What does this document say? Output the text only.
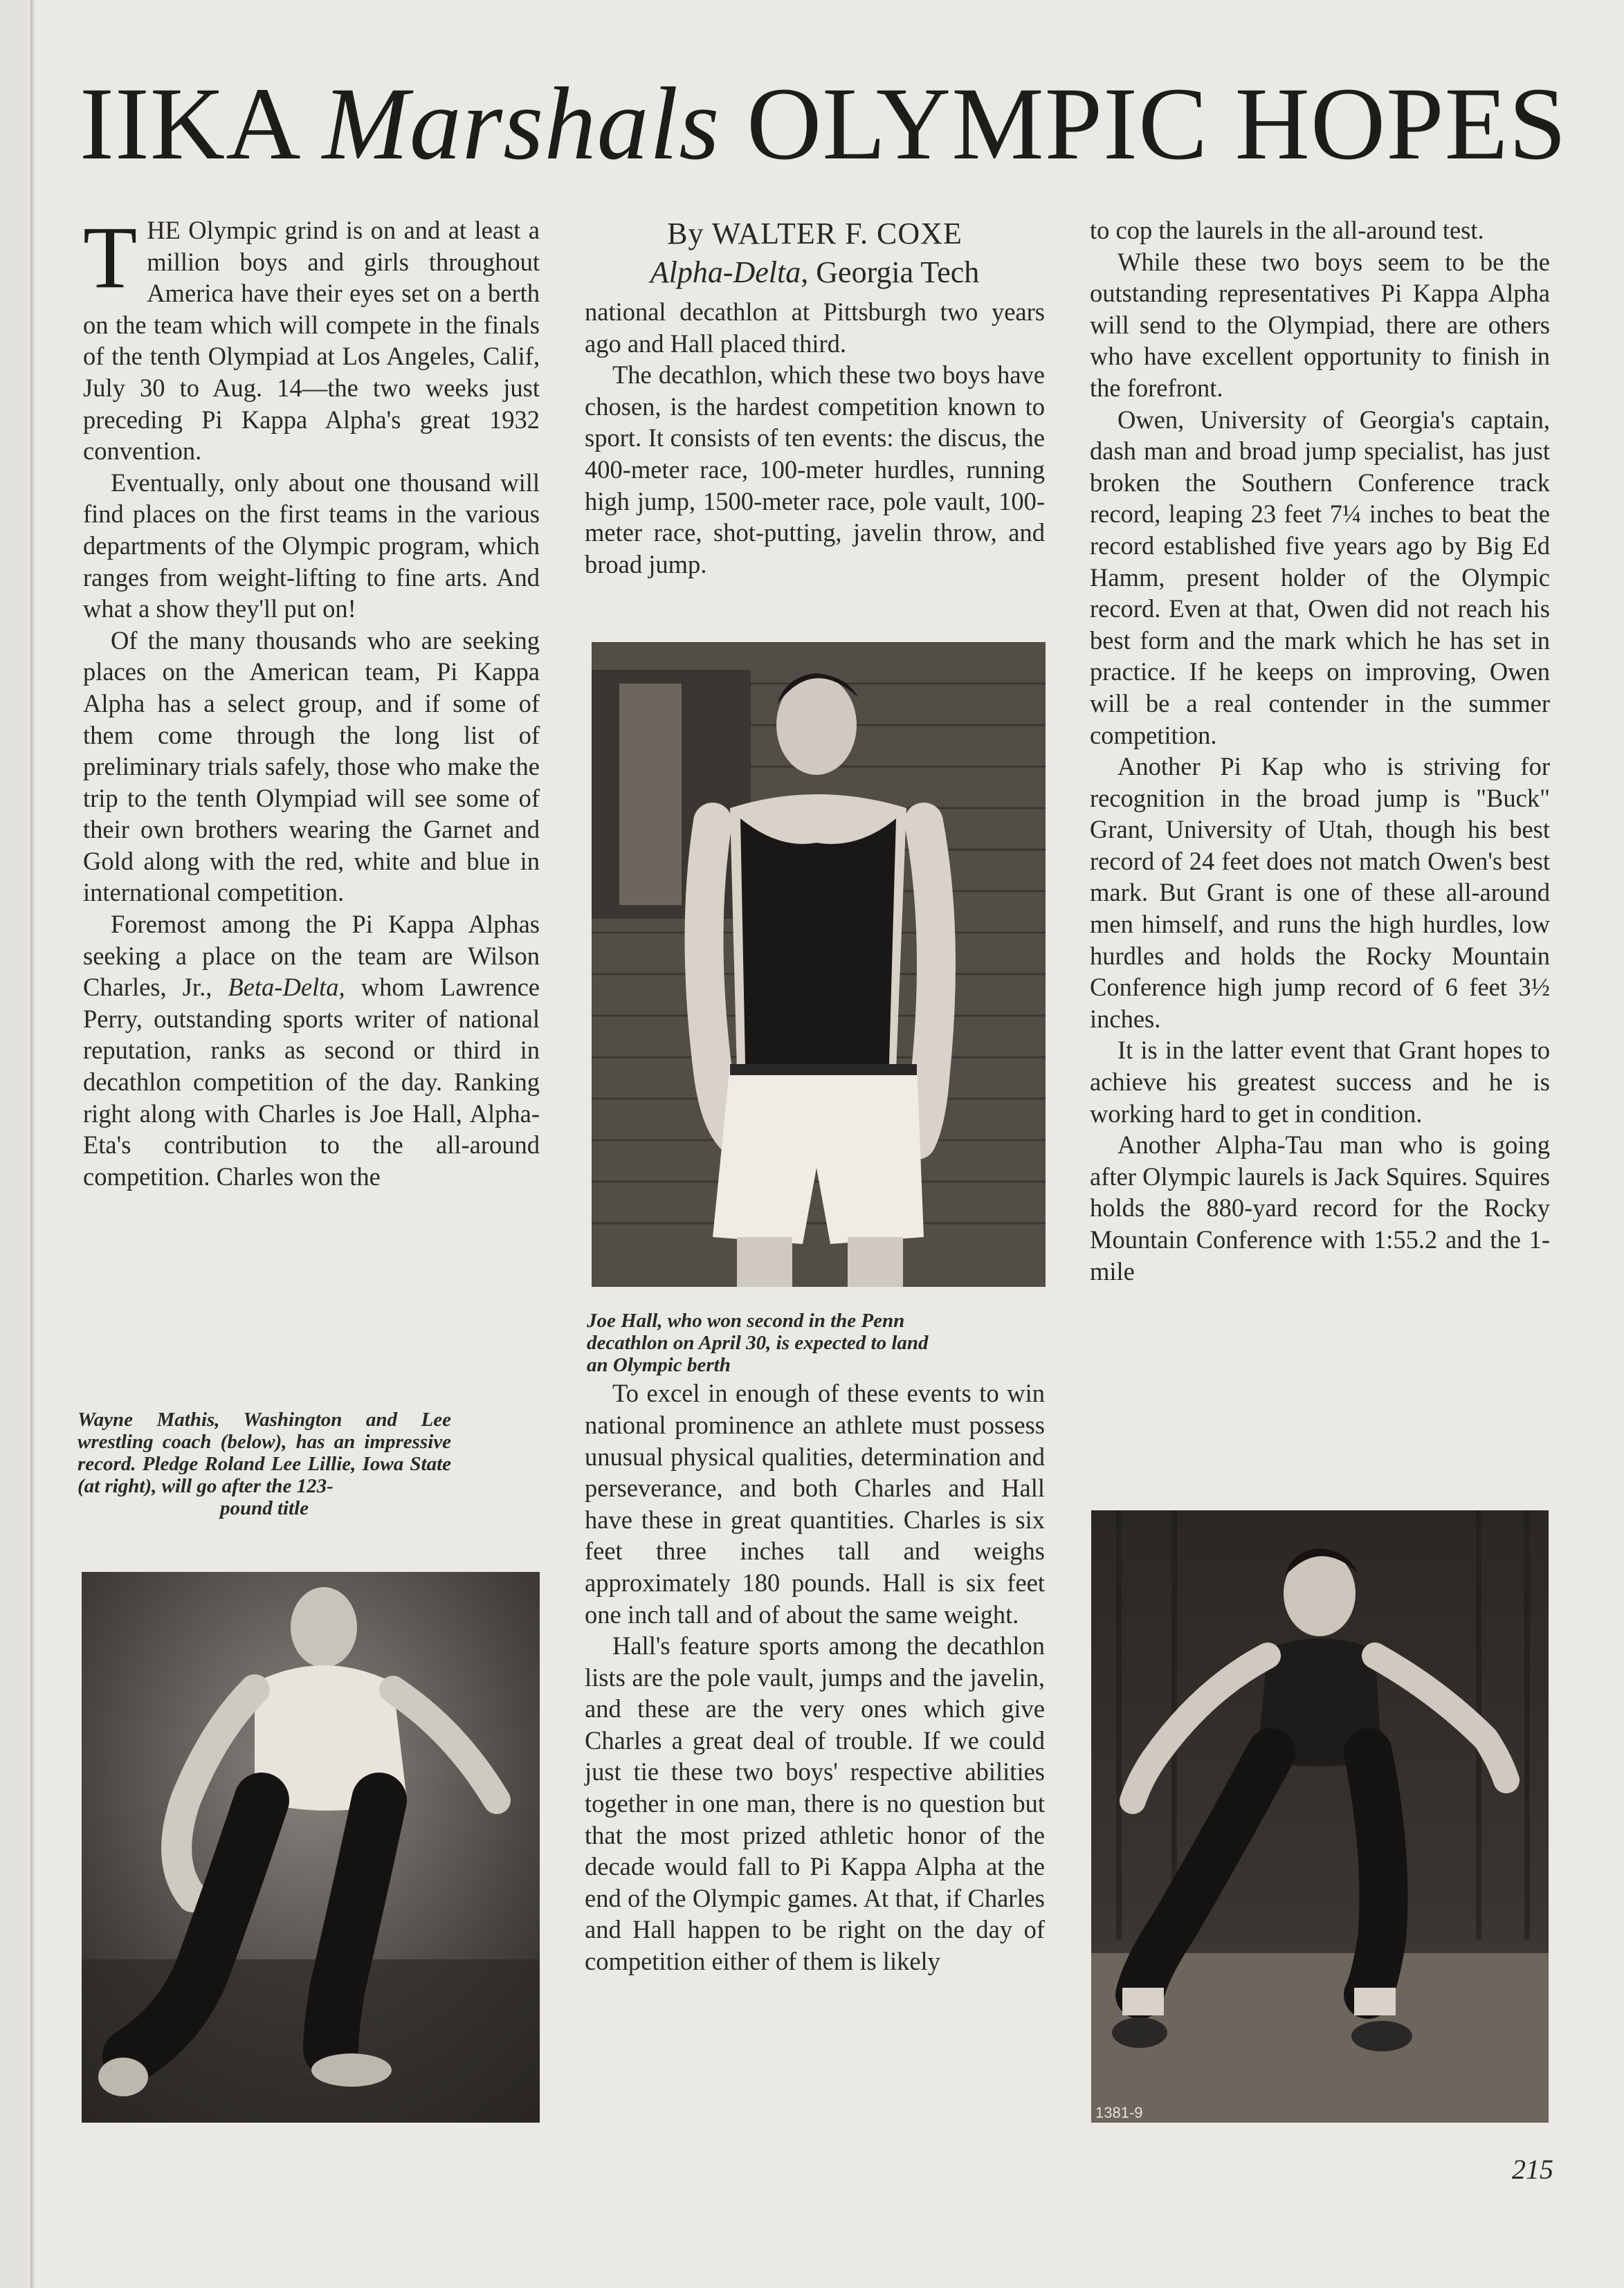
IIKA Marshals OLYMPIC HOPES

THE Olympic grind is on and at least a million boys and girls throughout America have their eyes set on a berth on the team which will compete in the finals of the tenth Olympiad at Los Angeles, Calif, July 30 to Aug. 14—the two weeks just preceding Pi Kappa Alpha's great 1932 convention.

Eventually, only about one thousand will find places on the first teams in the various departments of the Olympic program, which ranges from weight-lifting to fine arts. And what a show they'll put on!

Of the many thousands who are seeking places on the American team, Pi Kappa Alpha has a select group, and if some of them come through the long list of preliminary trials safely, those who make the trip to the tenth Olympiad will see some of their own brothers wearing the Garnet and Gold along with the red, white and blue in international competition.

Foremost among the Pi Kappa Alphas seeking a place on the team are Wilson Charles, Jr., Beta-Delta, whom Lawrence Perry, outstanding sports writer of national reputation, ranks as second or third in decathlon competition of the day. Ranking right along with Charles is Joe Hall, Alpha-Eta's contribution to the all-around competition. Charles won the

Wayne Mathis, Washington and Lee wrestling coach (below), has an impressive record. Pledge Roland Lee Lillie, Iowa State (at right), will go after the 123-
pound title
By WALTER F. COXE
Alpha-Delta, Georgia Tech

national decathlon at Pittsburgh two years ago and Hall placed third.

The decathlon, which these two boys have chosen, is the hardest competition known to sport. It consists of ten events: the discus, the 400-meter race, 100-meter hurdles, running high jump, 1500-meter race, pole vault, 100-meter race, shot-putting, javelin throw, and broad jump.

To excel in enough of these events to win national prominence an athlete must possess unusual physical qualities, determination and perseverance, and both Charles and Hall have these in great quantities. Charles is six feet three inches tall and weighs approximately 180 pounds. Hall is six feet one inch tall and of about the same weight.

Hall's feature sports among the decathlon lists are the pole vault, jumps and the javelin, and these are the very ones which give Charles a great deal of trouble. If we could just tie these two boys' respective abilities together in one man, there is no question but that the most prized athletic honor of the decade would fall to Pi Kappa Alpha at the end of the Olympic games. At that, if Charles and Hall happen to be right on the day of competition either of them is likely

Joe Hall, who won second in the Penn decathlon on April 30, is expected to land an Olympic berth

to cop the laurels in the all-around test.

While these two boys seem to be the outstanding representatives Pi Kappa Alpha will send to the Olympiad, there are others who have excellent opportunity to finish in the forefront.

Owen, University of Georgia's captain, dash man and broad jump specialist, has just broken the Southern Conference track record, leaping 23 feet 7¼ inches to beat the record established five years ago by Big Ed Hamm, present holder of the Olympic record. Even at that, Owen did not reach his best form and the mark which he has set in practice. If he keeps on improving, Owen will be a real contender in the summer competition.

Another Pi Kap who is striving for recognition in the broad jump is "Buck" Grant, University of Utah, though his best record of 24 feet does not match Owen's best mark. But Grant is one of these all-around men himself, and runs the high hurdles, low hurdles and holds the Rocky Mountain Conference high jump record of 6 feet 3½ inches.

It is in the latter event that Grant hopes to achieve his greatest success and he is working hard to get in condition.

Another Alpha-Tau man who is going after Olympic laurels is Jack Squires. Squires holds the 880-yard record for the Rocky Mountain Conference with 1:55.2 and the 1-mile

1381-9
215
